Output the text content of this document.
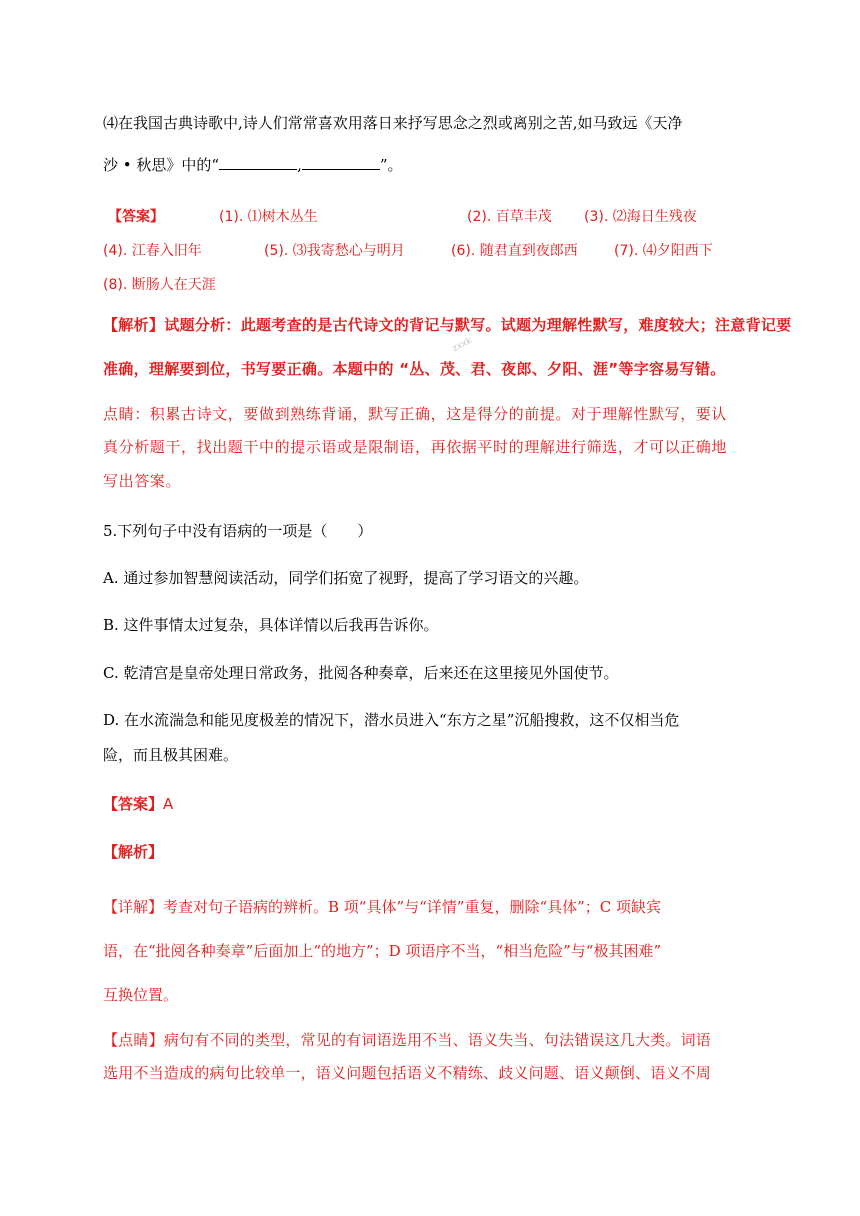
⑷在我国古典诗歌中,诗人们常常喜欢用落日来抒写思念之烈或离别之苦,如马致远《天净
沙 • 秋思》中的“	,	”。
【答案】	(1). ⑴树木丛生	(2). 百草丰茂 (3). ⑵海日生残夜
(4). 江春入旧年	(5). ⑶我寄愁心与明月	(6). 随君直到夜郎西	(7). ⑷夕阳西下
(8). 断肠人在天涯
【解析】试题分析：此题考查的是古代诗文的背记与默写。试题为理解性默写，难度较大；注意背记要
准确，理解要到位，书写要正确。本题中的 “丛、茂、君、夜郎、夕阳、涯”等字容易写错。
zxxk
点睛：积累古诗文，要做到熟练背诵，默写正确，这是得分的前提。对于理解性默写，要认
真分析题干，找出题干中的提示语或是限制语，再依据平时的理解进行筛选，才可以正确地
写出答案。
5.下列句子中没有语病的一项是（　　）
A. 通过参加智慧阅读活动，同学们拓宽了视野，提高了学习语文的兴趣。
B. 这件事情太过复杂，具体详情以后我再告诉你。
C. 乾清宫是皇帝处理日常政务，批阅各种奏章，后来还在这里接见外国使节。
D. 在水流湍急和能见度极差的情况下，潜水员进入“东方之星”沉船搜救，这不仅相当危
险，而且极其困难。
【答案】A
【解析】
【详解】考查对句子语病的辨析。B 项“具体”与“详情”重复，删除“具体”；C 项缺宾
语，在“批阅各种奏章”后面加上“的地方”；D 项语序不当，“相当危险”与“极其困难”
互换位置。
【点睛】病句有不同的类型，常见的有词语选用不当、语义失当、句法错误这几大类。词语
选用不当造成的病句比较单一，语义问题包括语义不精练、歧义问题、语义颠倒、语义不周
